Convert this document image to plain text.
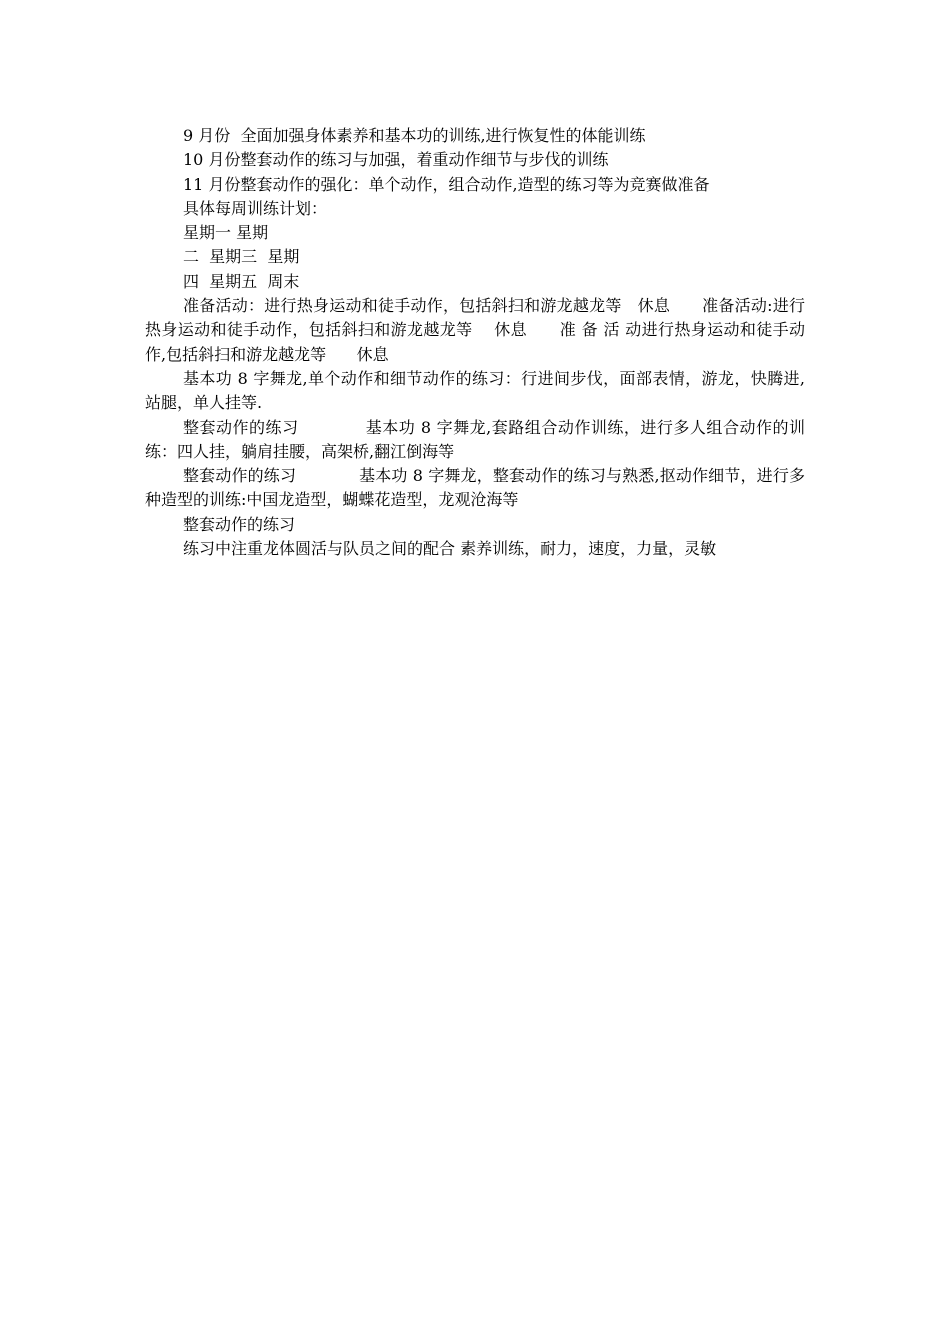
9 月份  全面加强身体素养和基本功的训练,进行恢复性的体能训练

10 月份整套动作的练习与加强，着重动作细节与步伐的训练

11 月份整套动作的强化：单个动作，组合动作,造型的练习等为竞赛做准备

具体每周训练计划：

星期一 星期

二  星期三  星期

四  星期五  周末

准备活动：进行热身运动和徒手动作，包括斜扫和游龙越龙等   休息      准备活动:进行热身运动和徒手动作，包括斜扫和游龙越龙等    休息      准 备 活 动进行热身运动和徒手动作,包括斜扫和游龙越龙等      休息

基本功 8 字舞龙,单个动作和细节动作的练习：行进间步伐，面部表情，游龙，快腾进,站腿，单人挂等.

整套动作的练习            基本功 8 字舞龙,套路组合动作训练，进行多人组合动作的训练：四人挂，躺肩挂腰，高架桥,翻江倒海等

整套动作的练习            基本功 8 字舞龙，整套动作的练习与熟悉,抠动作细节，进行多种造型的训练:中国龙造型，蝴蝶花造型，龙观沧海等

整套动作的练习

练习中注重龙体圆活与队员之间的配合 素养训练，耐力，速度，力量，灵敏
